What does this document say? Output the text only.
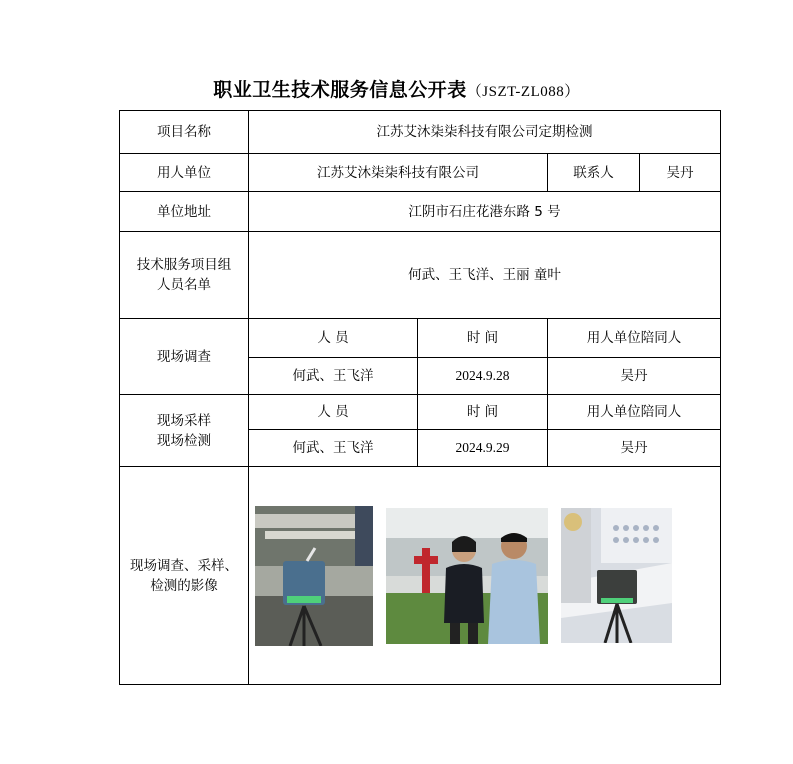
职业卫生技术服务信息公开表（JSZT-ZL088）
项目名称	江苏艾沐柒柒科技有限公司定期检测			
用人单位	江苏艾沐柒柒科技有限公司		联系人	吴丹
单位地址	江阴市石庄花港东路 5 号			
技术服务项目组人员名单	何武、王飞洋、王丽 童叶			
现场调查	人 员	时 间	用人单位陪同人	
	何武、王飞洋	2024.9.28	吴丹	

现场采样
现场检测	人 员	时 间	用人单位陪同人	
	何武、王飞洋	2024.9.29	吴丹	
现场调查、采样、检测的影像	
